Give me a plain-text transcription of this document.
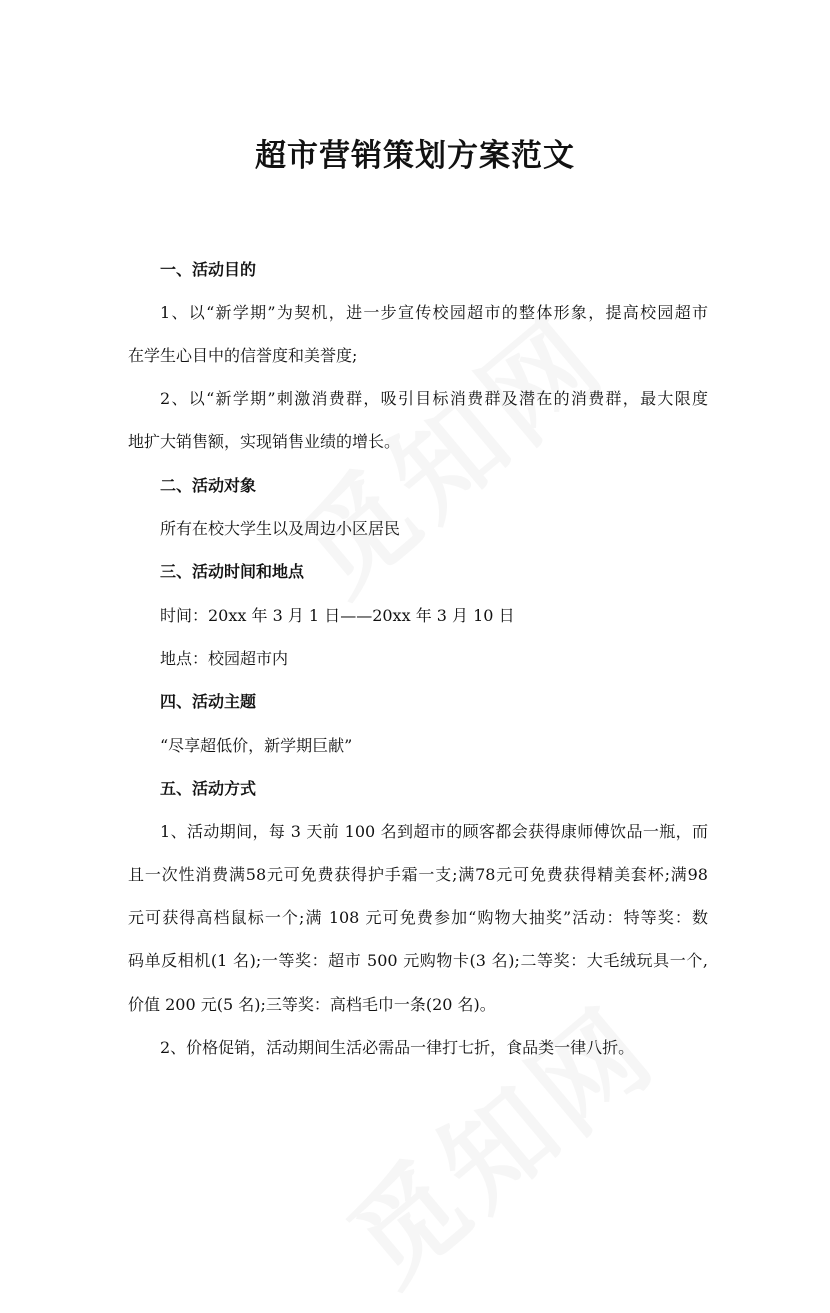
超市营销策划方案范文

一、活动目的

1、以“新学期”为契机，进一步宣传校园超市的整体形象，提高校园超市

在学生心目中的信誉度和美誉度;

2、以“新学期”刺激消费群，吸引目标消费群及潜在的消费群，最大限度

地扩大销售额，实现销售业绩的增长。

二、活动对象

所有在校大学生以及周边小区居民

三、活动时间和地点

时间：20xx 年 3 月 1 日——20xx 年 3 月 10 日

地点：校园超市内

四、活动主题

“尽享超低价，新学期巨献”

五、活动方式

1、活动期间，每 3 天前 100 名到超市的顾客都会获得康师傅饮品一瓶，而

且一次性消费满58元可免费获得护手霜一支;满78元可免费获得精美套杯;满98

元可获得高档鼠标一个;满 108 元可免费参加“购物大抽奖”活动：特等奖：数

码单反相机(1 名);一等奖：超市 500 元购物卡(3 名);二等奖：大毛绒玩具一个,

价值 200 元(5 名);三等奖：高档毛巾一条(20 名)。

2、价格促销，活动期间生活必需品一律打七折，食品类一律八折。
